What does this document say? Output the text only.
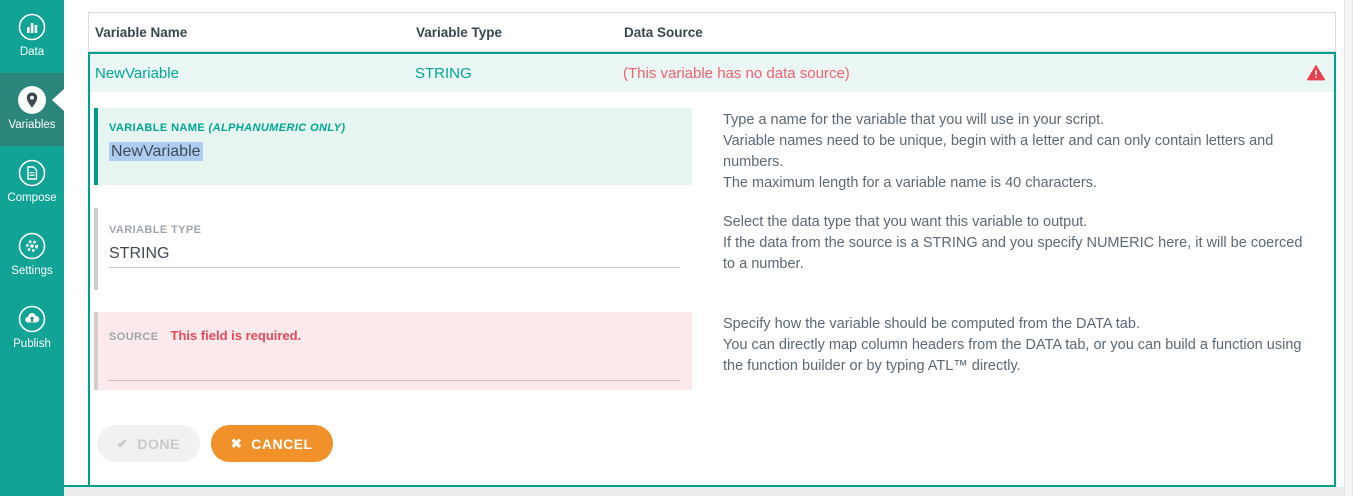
Data
Variables
Compose
Settings
Publish
Variable Name	Variable Type	Data Source
NewVariable	STRING	(This variable has no data source)
VARIABLE NAME (ALPHANUMERIC ONLY)
NewVariable
VARIABLE TYPE
STRING
SOURCE This field is required.
Type a name for the variable that you will use in your script.
Variable names need to be unique, begin with a letter and can only contain letters and numbers.
The maximum length for a variable name is 40 characters.
Select the data type that you want this variable to output.
If the data from the source is a STRING and you specify NUMERIC here, it will be coerced to a number.
Specify how the variable should be computed from the DATA tab.
You can directly map column headers from the DATA tab, or you can build a function using the function builder or by typing ATL™ directly.
✔ DONE	✖ CANCEL
